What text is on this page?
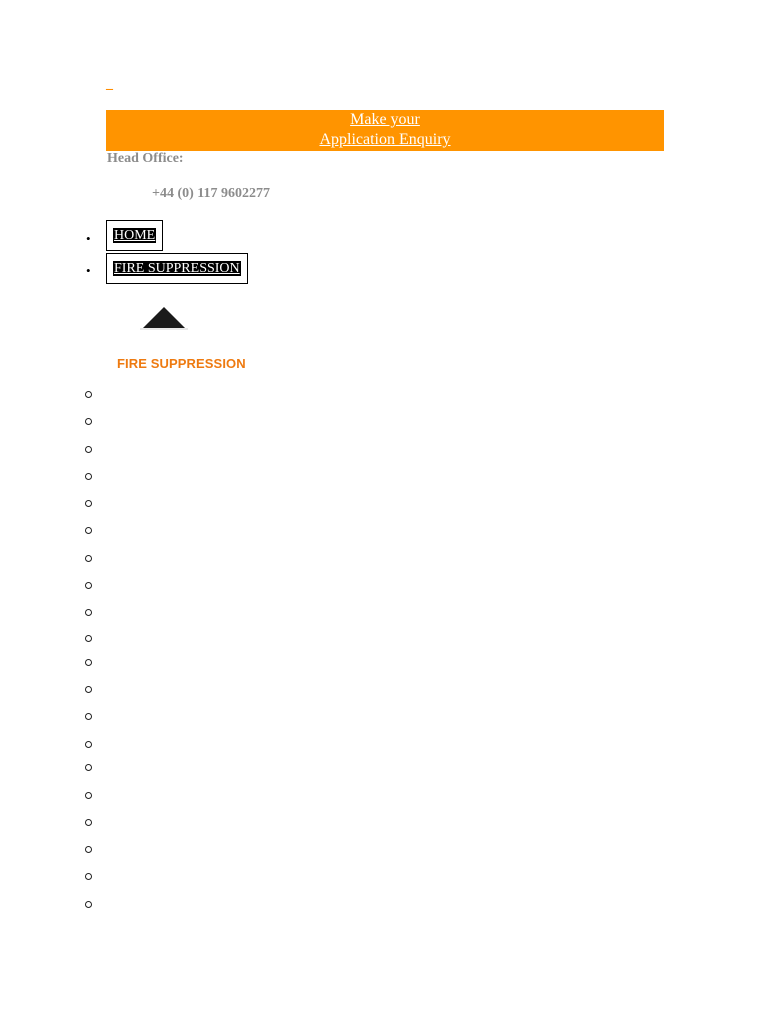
_
Make your
Application Enquiry
Head Office:
+44 (0) 117 9602277
•	HOME
•	FIRE SUPPRESSION
FIRE SUPPRESSION
